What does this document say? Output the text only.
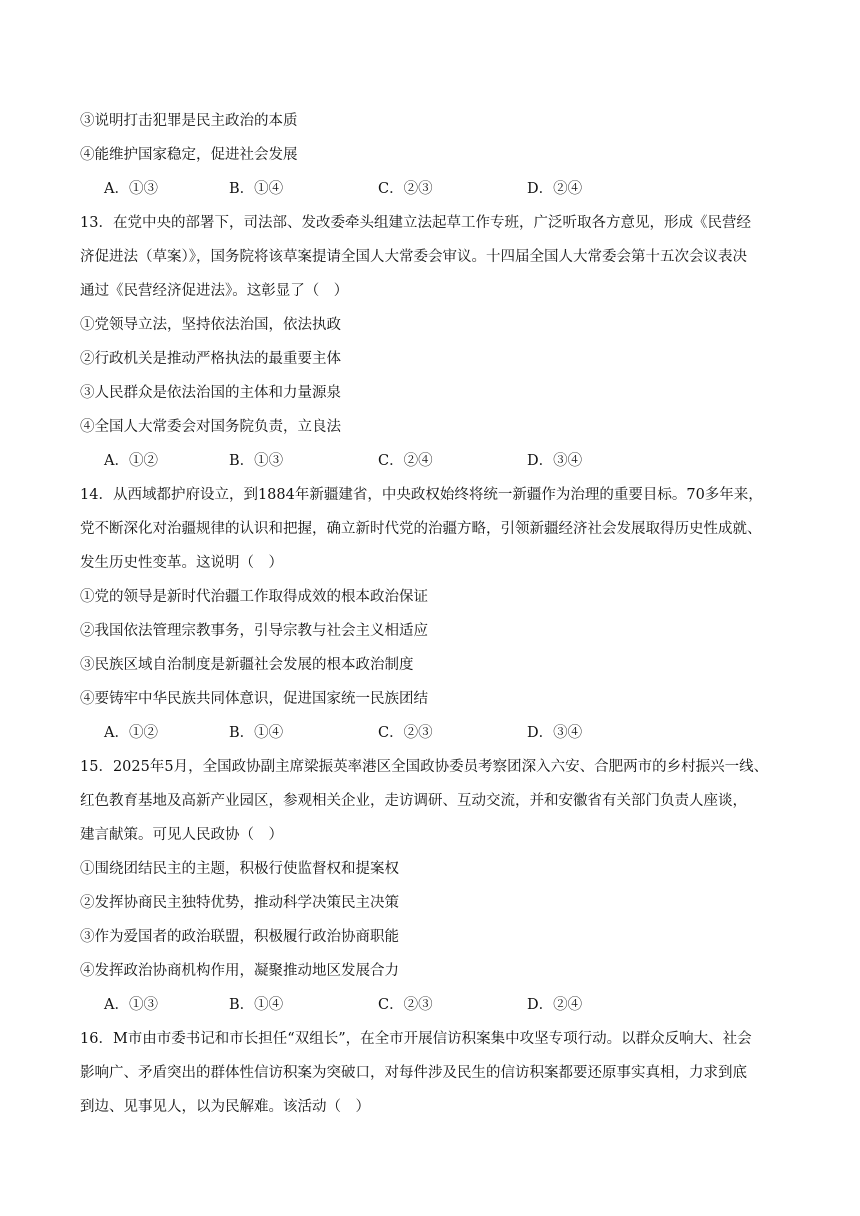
③说明打击犯罪是民主政治的本质
④能维护国家稳定，促进社会发展
A．①③	B．①④	C．②③	D．②④
13．在党中央的部署下，司法部、发改委牵头组建立法起草工作专班，广泛听取各方意见，形成《民营经
济促进法（草案）》，国务院将该草案提请全国人大常委会审议。十四届全国人大常委会第十五次会议表决
通过《民营经济促进法》。这彰显了（　）
①党领导立法，坚持依法治国，依法执政
②行政机关是推动严格执法的最重要主体
③人民群众是依法治国的主体和力量源泉
④全国人大常委会对国务院负责，立良法
A．①②	B．①③	C．②④	D．③④
14．从西域都护府设立，到1884年新疆建省，中央政权始终将统一新疆作为治理的重要目标。70多年来，
党不断深化对治疆规律的认识和把握，确立新时代党的治疆方略，引领新疆经济社会发展取得历史性成就、
发生历史性变革。这说明（　）
①党的领导是新时代治疆工作取得成效的根本政治保证
②我国依法管理宗教事务，引导宗教与社会主义相适应
③民族区域自治制度是新疆社会发展的根本政治制度
④要铸牢中华民族共同体意识，促进国家统一民族团结
A．①②	B．①④	C．②③	D．③④
15．2025年5月，全国政协副主席梁振英率港区全国政协委员考察团深入六安、合肥两市的乡村振兴一线、
红色教育基地及高新产业园区，参观相关企业，走访调研、互动交流，并和安徽省有关部门负责人座谈，
建言献策。可见人民政协（　）
①围绕团结民主的主题，积极行使监督权和提案权
②发挥协商民主独特优势，推动科学决策民主决策
③作为爱国者的政治联盟，积极履行政治协商职能
④发挥政治协商机构作用，凝聚推动地区发展合力
A．①③	B．①④	C．②③	D．②④
16．M市由市委书记和市长担任“双组长”，在全市开展信访积案集中攻坚专项行动。以群众反响大、社会
影响广、矛盾突出的群体性信访积案为突破口，对每件涉及民生的信访积案都要还原事实真相，力求到底
到边、见事见人，以为民解难。该活动（　）
